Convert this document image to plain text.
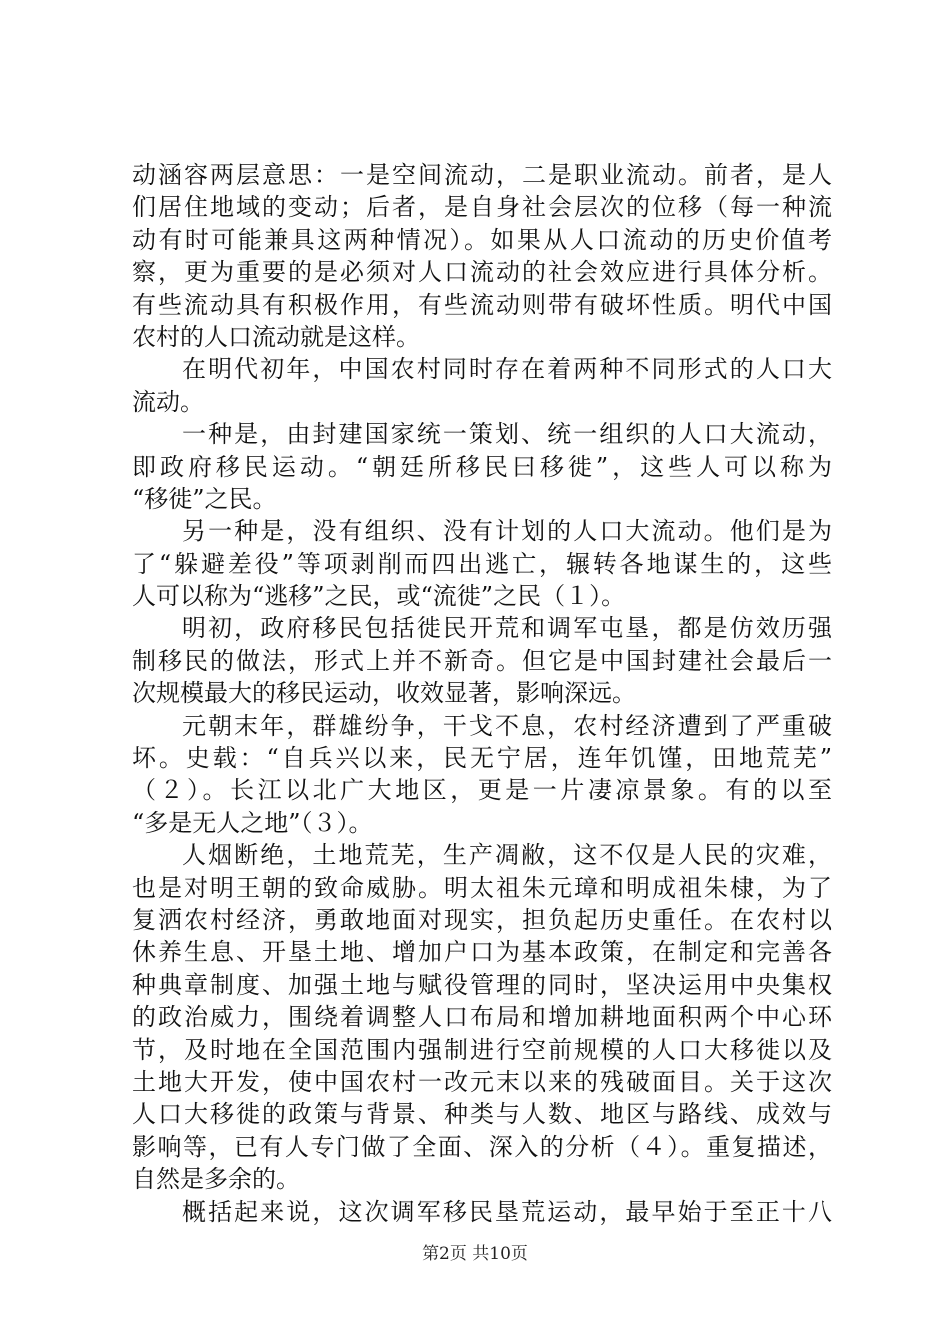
动涵容两层意思：一是空间流动，二是职业流动。前者，是人
们居住地域的变动；后者，是自身社会层次的位移（每一种流
动有时可能兼具这两种情况）。如果从人口流动的历史价值考
察，更为重要的是必须对人口流动的社会效应进行具体分析。
有些流动具有积极作用，有些流动则带有破坏性质。明代中国
农村的人口流动就是这样。
在明代初年，中国农村同时存在着两种不同形式的人口大
流动。
一种是，由封建国家统一策划、统一组织的人口大流动，
即政府移民运动。“朝廷所移民曰移徙”，这些人可以称为
“移徙”之民。
另一种是，没有组织、没有计划的人口大流动。他们是为
了“躲避差役”等项剥削而四出逃亡，辗转各地谋生的，这些
人可以称为“逃移”之民，或“流徙”之民（１）。
明初，政府移民包括徙民开荒和调军屯垦，都是仿效历强
制移民的做法，形式上并不新奇。但它是中国封建社会最后一
次规模最大的移民运动，收效显著，影响深远。
元朝末年，群雄纷争，干戈不息，农村经济遭到了严重破
坏。史载：“自兵兴以来，民无宁居，连年饥馑，田地荒芜”
（２）。长江以北广大地区，更是一片凄凉景象。有的以至
“多是无人之地”（３）。
人烟断绝，土地荒芜，生产凋敝，这不仅是人民的灾难，
也是对明王朝的致命威胁。明太祖朱元璋和明成祖朱棣，为了
复洒农村经济，勇敢地面对现实，担负起历史重任。在农村以
休养生息、开垦土地、增加户口为基本政策，在制定和完善各
种典章制度、加强土地与赋役管理的同时，坚决运用中央集权
的政治威力，围绕着调整人口布局和增加耕地面积两个中心环
节，及时地在全国范围内强制进行空前规模的人口大移徙以及
土地大开发，使中国农村一改元末以来的残破面目。关于这次
人口大移徙的政策与背景、种类与人数、地区与路线、成效与
影响等，已有人专门做了全面、深入的分析（４）。重复描述，
自然是多余的。
概括起来说，这次调军移民垦荒运动，最早始于至正十八
第2页 共10页
